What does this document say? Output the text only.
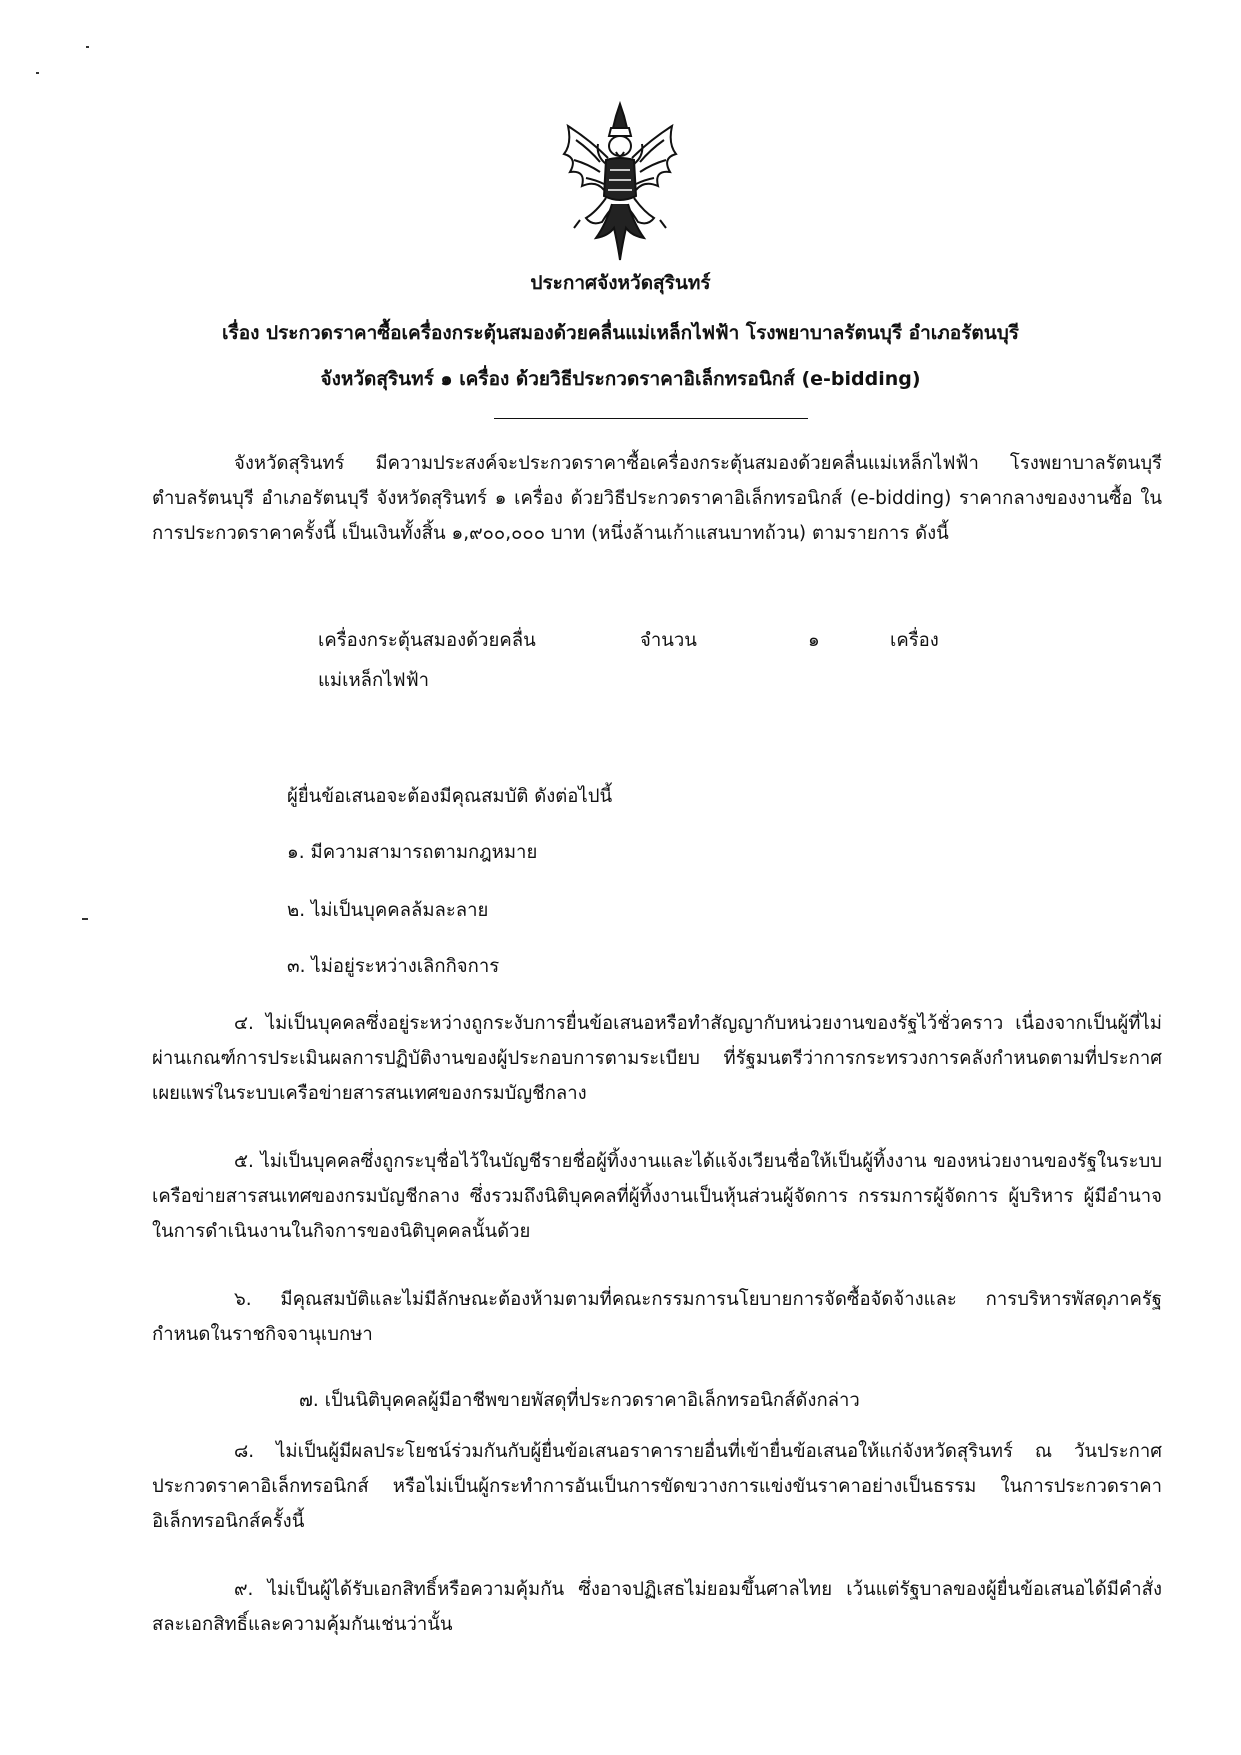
ประกาศจังหวัดสุรินทร์
เรื่อง ประกวดราคาซื้อเครื่องกระตุ้นสมองด้วยคลื่นแม่เหล็กไฟฟ้า โรงพยาบาลรัตนบุรี อำเภอรัตนบุรี
จังหวัดสุรินทร์ ๑ เครื่อง ด้วยวิธีประกวดราคาอิเล็กทรอนิกส์ (e-bidding)
จังหวัดสุรินทร์ มีความประสงค์จะประกวดราคาซื้อเครื่องกระตุ้นสมองด้วยคลื่นแม่เหล็กไฟฟ้า โรงพยาบาลรัตนบุรี ตำบลรัตนบุรี อำเภอรัตนบุรี จังหวัดสุรินทร์ ๑ เครื่อง ด้วยวิธีประกวดราคาอิเล็กทรอนิกส์ (e-bidding) ราคากลางของงานซื้อ ในการประกวดราคาครั้งนี้ เป็นเงินทั้งสิ้น ๑,๙๐๐,๐๐๐ บาท (หนึ่งล้านเก้าแสนบาทถ้วน) ตามรายการ ดังนี้
เครื่องกระตุ้นสมองด้วยคลื่น
แม่เหล็กไฟฟ้า
จำนวน	๑	เครื่อง
ผู้ยื่นข้อเสนอจะต้องมีคุณสมบัติ ดังต่อไปนี้
๑. มีความสามารถตามกฎหมาย
๒. ไม่เป็นบุคคลล้มละลาย
๓. ไม่อยู่ระหว่างเลิกกิจการ
๔. ไม่เป็นบุคคลซึ่งอยู่ระหว่างถูกระงับการยื่นข้อเสนอหรือทำสัญญากับหน่วยงานของรัฐไว้ชั่วคราว เนื่องจากเป็นผู้ที่ไม่ผ่านเกณฑ์การประเมินผลการปฏิบัติงานของผู้ประกอบการตามระเบียบ ที่รัฐมนตรีว่าการกระทรวงการคลังกำหนดตามที่ประกาศเผยแพร่ในระบบเครือข่ายสารสนเทศของกรมบัญชีกลาง
๕. ไม่เป็นบุคคลซึ่งถูกระบุชื่อไว้ในบัญชีรายชื่อผู้ทิ้งงานและได้แจ้งเวียนชื่อให้เป็นผู้ทิ้งงาน ของหน่วยงานของรัฐในระบบเครือข่ายสารสนเทศของกรมบัญชีกลาง ซึ่งรวมถึงนิติบุคคลที่ผู้ทิ้งงานเป็นหุ้นส่วนผู้จัดการ กรรมการผู้จัดการ ผู้บริหาร ผู้มีอำนาจในการดำเนินงานในกิจการของนิติบุคคลนั้นด้วย
๖. มีคุณสมบัติและไม่มีลักษณะต้องห้ามตามที่คณะกรรมการนโยบายการจัดซื้อจัดจ้างและ การบริหารพัสดุภาครัฐกำหนดในราชกิจจานุเบกษา
๗. เป็นนิติบุคคลผู้มีอาชีพขายพัสดุที่ประกวดราคาอิเล็กทรอนิกส์ดังกล่าว
๘. ไม่เป็นผู้มีผลประโยชน์ร่วมกันกับผู้ยื่นข้อเสนอราคารายอื่นที่เข้ายื่นข้อเสนอให้แก่จังหวัดสุรินทร์ ณ วันประกาศประกวดราคาอิเล็กทรอนิกส์ หรือไม่เป็นผู้กระทำการอันเป็นการขัดขวางการแข่งขันราคาอย่างเป็นธรรม ในการประกวดราคาอิเล็กทรอนิกส์ครั้งนี้
๙. ไม่เป็นผู้ได้รับเอกสิทธิ์หรือความคุ้มกัน ซึ่งอาจปฏิเสธไม่ยอมขึ้นศาลไทย เว้นแต่รัฐบาลของผู้ยื่นข้อเสนอได้มีคำสั่งสละเอกสิทธิ์และความคุ้มกันเช่นว่านั้น
